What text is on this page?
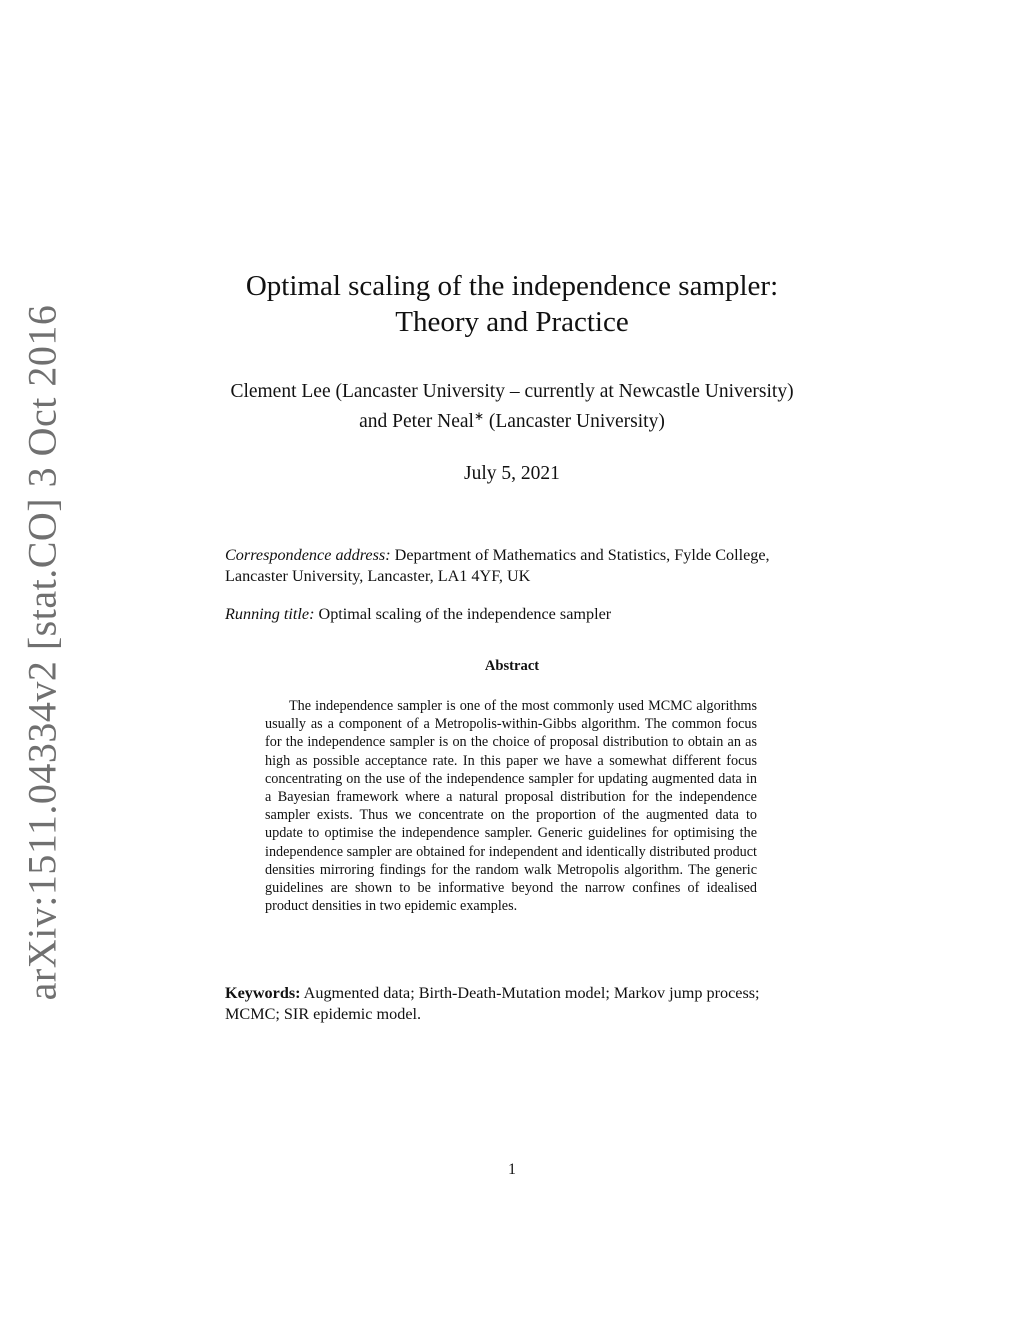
arXiv:1511.04334v2 [stat.CO] 3 Oct 2016
Optimal scaling of the independence sampler:
Theory and Practice
Clement Lee (Lancaster University – currently at Newcastle University)
and Peter Neal∗ (Lancaster University)
July 5, 2021
Correspondence address: Department of Mathematics and Statistics, Fylde College, Lancaster University, Lancaster, LA1 4YF, UK
Running title: Optimal scaling of the independence sampler
Abstract
The independence sampler is one of the most commonly used MCMC algorithms usually as a component of a Metropolis-within-Gibbs algorithm. The common focus for the independence sampler is on the choice of proposal distribution to obtain an as high as possible acceptance rate. In this paper we have a somewhat different focus concentrating on the use of the independence sampler for updating augmented data in a Bayesian framework where a natural proposal distribution for the independence sampler exists. Thus we concentrate on the proportion of the augmented data to update to optimise the independence sampler. Generic guidelines for optimising the independence sampler are obtained for independent and identically distributed product densities mirroring findings for the random walk Metropolis algorithm. The generic guidelines are shown to be informative beyond the narrow confines of idealised product densities in two epidemic examples.
Keywords: Augmented data; Birth-Death-Mutation model; Markov jump process; MCMC; SIR epidemic model.
1
